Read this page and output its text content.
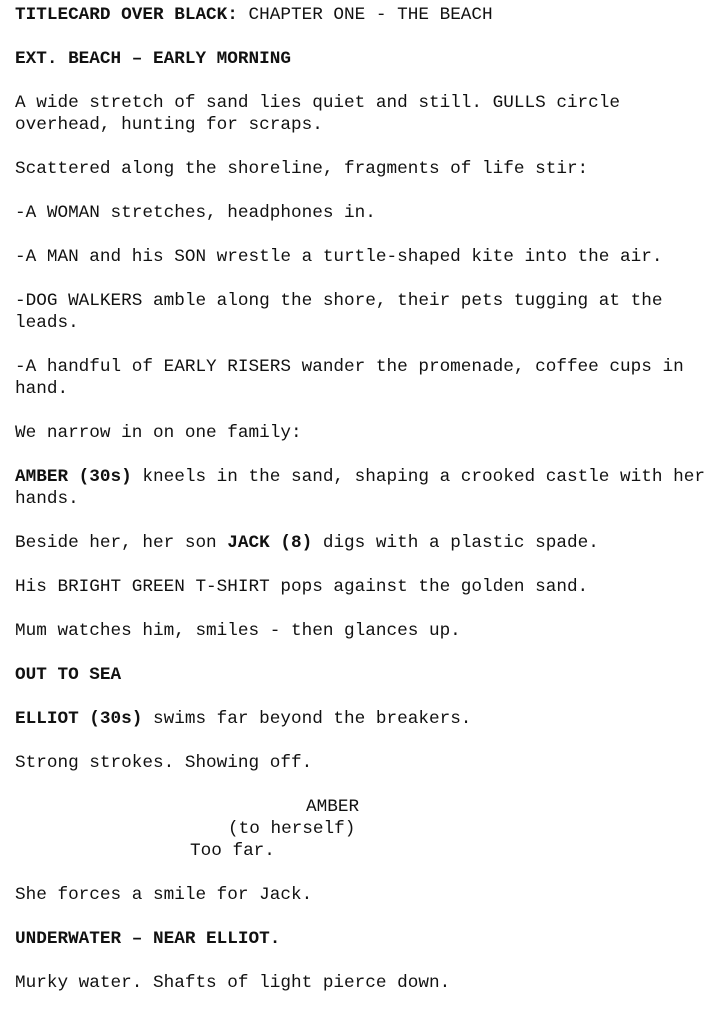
TITLECARD OVER BLACK: CHAPTER ONE - THE BEACH

EXT. BEACH – EARLY MORNING

A wide stretch of sand lies quiet and still. GULLS circle overhead, hunting for scraps.

Scattered along the shoreline, fragments of life stir:

-A WOMAN stretches, headphones in.

-A MAN and his SON wrestle a turtle-shaped kite into the air.

-DOG WALKERS amble along the shore, their pets tugging at the leads.

-A handful of EARLY RISERS wander the promenade, coffee cups in hand.

We narrow in on one family:

AMBER (30s) kneels in the sand, shaping a crooked castle with her hands.

Beside her, her son JACK (8) digs with a plastic spade.

His BRIGHT GREEN T-SHIRT pops against the golden sand.

Mum watches him, smiles - then glances up.

OUT TO SEA

ELLIOT (30s) swims far beyond the breakers.

Strong strokes. Showing off.

AMBER
(to herself)
Too far.

She forces a smile for Jack.

UNDERWATER – NEAR ELLIOT.

Murky water. Shafts of light pierce down.
